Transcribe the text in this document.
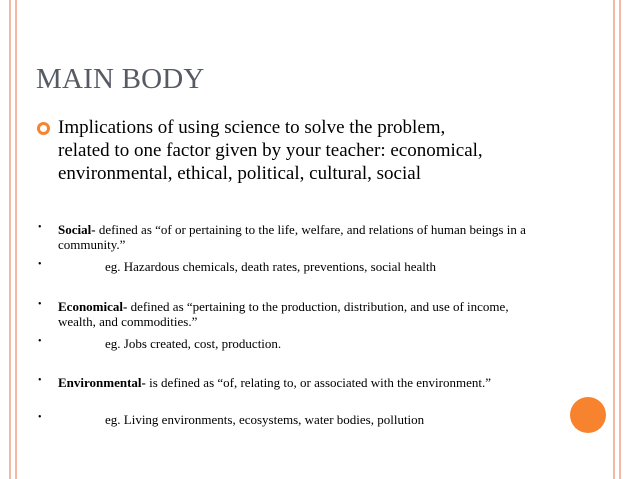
MAIN BODY
Implications of using science to solve the problem, related to one factor given by your teacher: economical, environmental, ethical, political, cultural, social
• Social- defined as “of or pertaining to the life, welfare, and relations of human beings in a community.”
•	eg. Hazardous chemicals, death rates, preventions, social health
• Economical- defined as “pertaining to the production, distribution, and use of income, wealth, and commodities.”
•	eg. Jobs created, cost, production.
• Environmental- is defined as “of, relating to, or associated with the environment.”
•	eg. Living environments, ecosystems, water bodies, pollution
